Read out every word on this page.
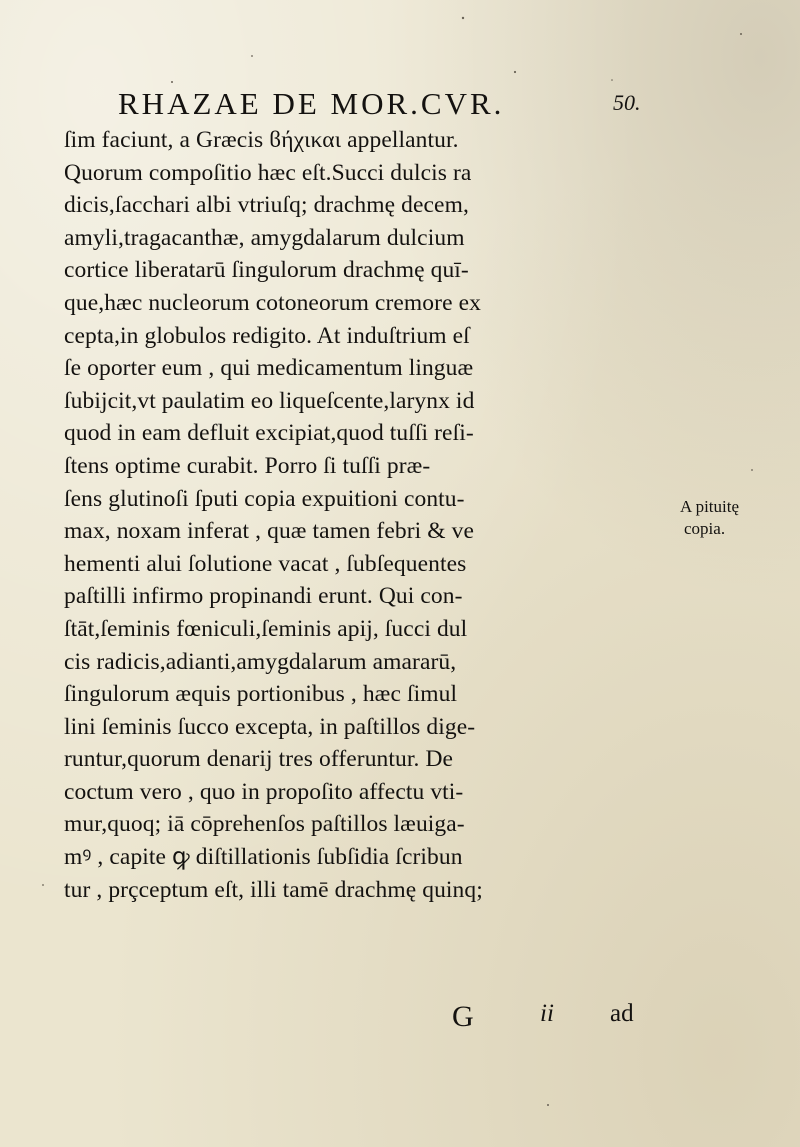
RHAZAE DE MOR.CVR.	50.
ſim faciunt, a Græcis ϐήχικαι appellantur.
Quorum compoſitio hæc eſt.Succi dulcis ra
dicis,ſacchari albi vtriuſq; drachmę decem,
amyli,tragacanthæ, amygdalarum dulcium
cortice liberatarū ſingulorum drachmę quī-
que,hæc nucleorum cotoneorum cremore ex
cepta,in globulos redigito. At induſtrium eſ
ſe oporter eum , qui medicamentum linguæ
ſubijcit,vt paulatim eo liqueſcente,larynx id
quod in eam defluit excipiat,quod tuſſi reſi-
ſtens optime curabit. Porro ſi tuſſi præ-
ſens glutinoſi ſputi copia expuitioni contu-
max, noxam inferat , quæ tamen febri & ve
hementi alui ſolutione vacat , ſubſequentes
paſtilli infirmo propinandi erunt. Qui con-
ſtāt,ſeminis fœniculi,ſeminis apij, ſucci dul
cis radicis,adianti,amygdalarum amararū,
ſingulorum æquis portionibus , hæc ſimul
lini ſeminis ſucco excepta, in paſtillos dige-
runtur,quorum denarij tres offeruntur. De
coctum vero , quo in propoſito affectu vti-
mur,quoq; iā cōprehenſos paſtillos læuiga-
mꝰ , capite ꝙ diſtillationis ſubſidia ſcribun
tur , prçceptum eſt, illi tamē drachmę quinq;
A pituitę
copia.
G	ii ad
